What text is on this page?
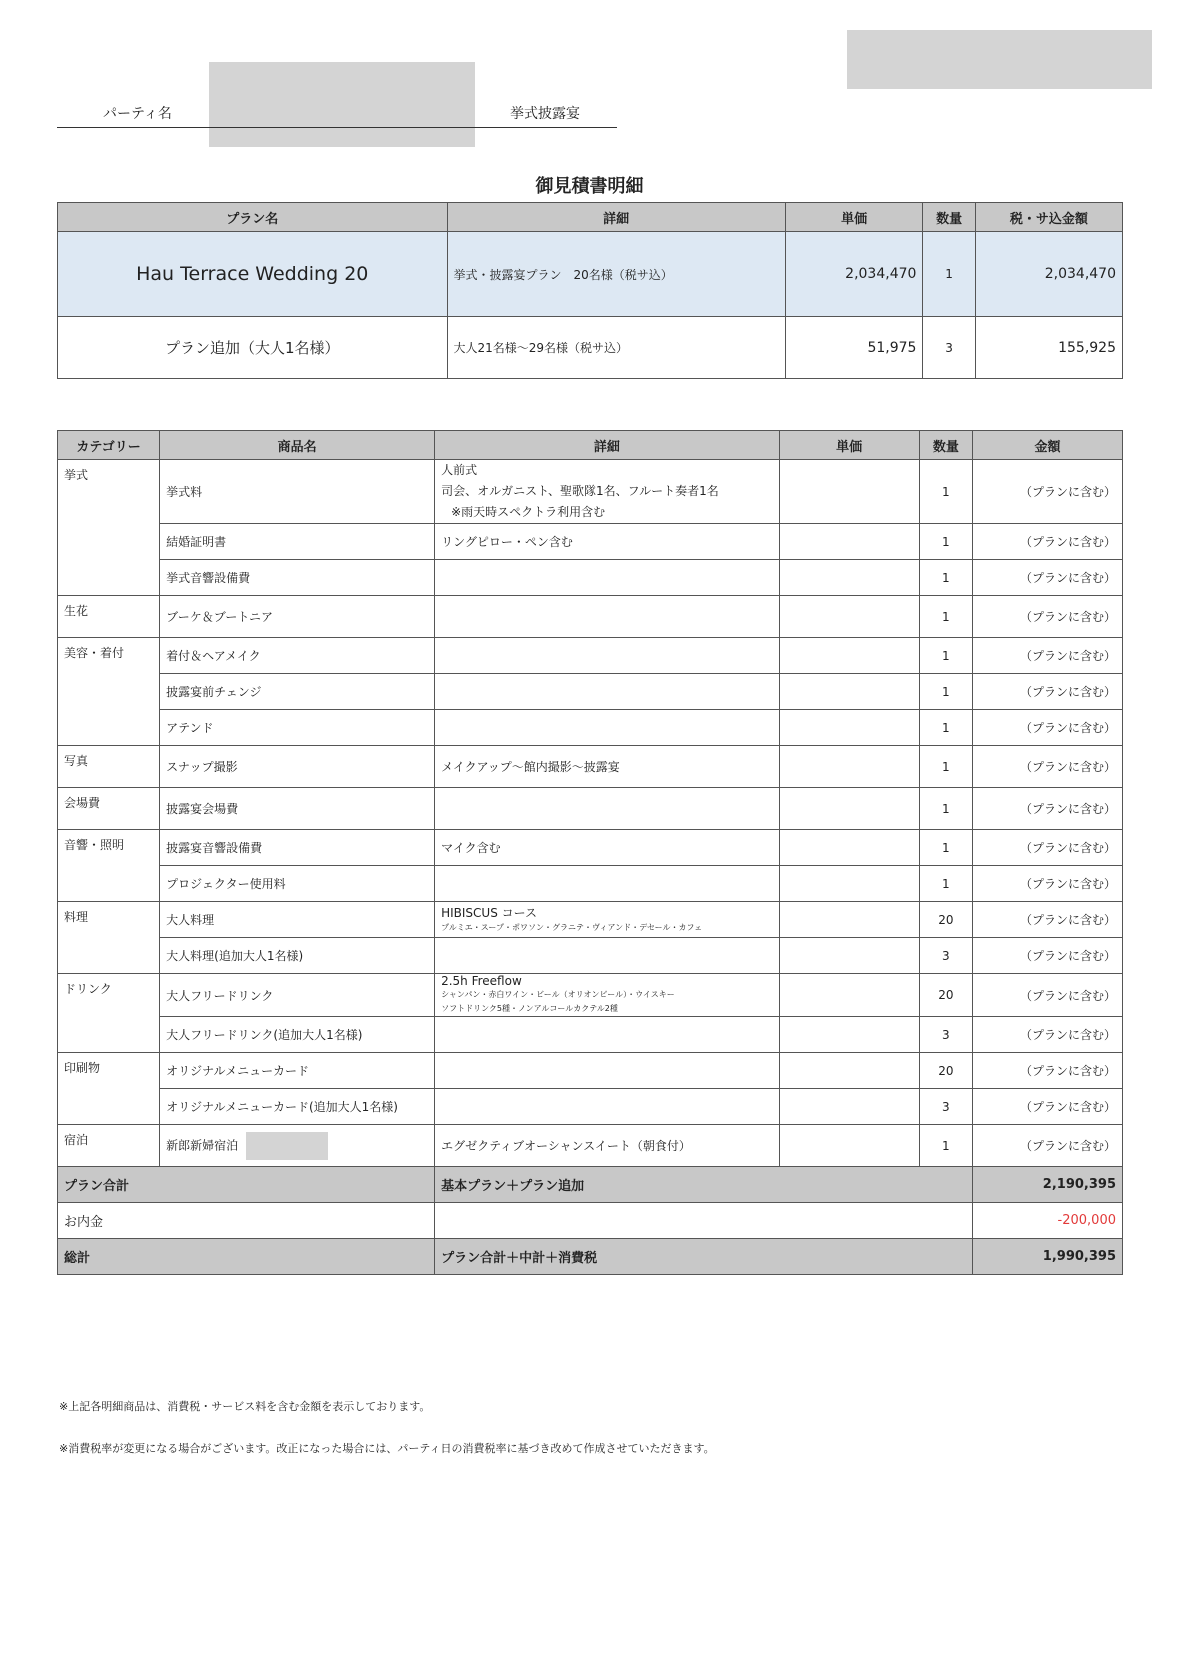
パーティ名	挙式披露宴
御見積書明細
プラン名	詳細	単価	数量	税・サ込金額
Hau Terrace Wedding 20	挙式・披露宴プラン　20名様（税サ込）	2,034,470	1	2,034,470
プラン追加（大人1名様）	大人21名様～29名様（税サ込）	51,975	3	155,925
カテゴリー	商品名	詳細	単価	数量	金額
挙式	挙式料	人前式
司会、オルガニスト、聖歌隊1名、フルート奏者1名
※雨天時スペクトラ利用含む		1	（プランに含む）
	結婚証明書	リングピロー・ペン含む		1	（プランに含む）
	挙式音響設備費			1	（プランに含む）
生花	ブーケ＆ブートニア			1	（プランに含む）
美容・着付	着付＆ヘアメイク			1	（プランに含む）
	披露宴前チェンジ			1	（プランに含む）
	アテンド			1	（プランに含む）
写真	スナップ撮影	メイクアップ～館内撮影～披露宴		1	（プランに含む）
会場費	披露宴会場費			1	（プランに含む）
音響・照明	披露宴音響設備費	マイク含む		1	（プランに含む）
	プロジェクター使用料			1	（プランに含む）
料理	大人料理	HIBISCUS コース
プルミエ・スープ・ポワソン・グラニテ・ヴィアンド・デセール・カフェ		20	（プランに含む）
	大人料理(追加大人1名様)			3	（プランに含む）
ドリンク	大人フリードリンク	2.5h Freeflow
シャンパン・赤白ワイン・ビール（オリオンビール）・ウイスキー
ソフトドリンク5種・ノンアルコールカクテル2種		20	（プランに含む）
	大人フリードリンク(追加大人1名様)			3	（プランに含む）
印刷物	オリジナルメニューカード			20	（プランに含む）
	オリジナルメニューカード(追加大人1名様)			3	（プランに含む）
宿泊	新郎新婦宿泊	エグゼクティブオーシャンスイート（朝食付）		1	（プランに含む）
プラン合計		基本プラン＋プラン追加			2,190,395
お内金					-200,000
総計		プラン合計＋中計＋消費税			1,990,395
※上記各明細商品は、消費税・サービス料を含む金額を表示しております。
※消費税率が変更になる場合がございます。改正になった場合には、パーティ日の消費税率に基づき改めて作成させていただきます。
